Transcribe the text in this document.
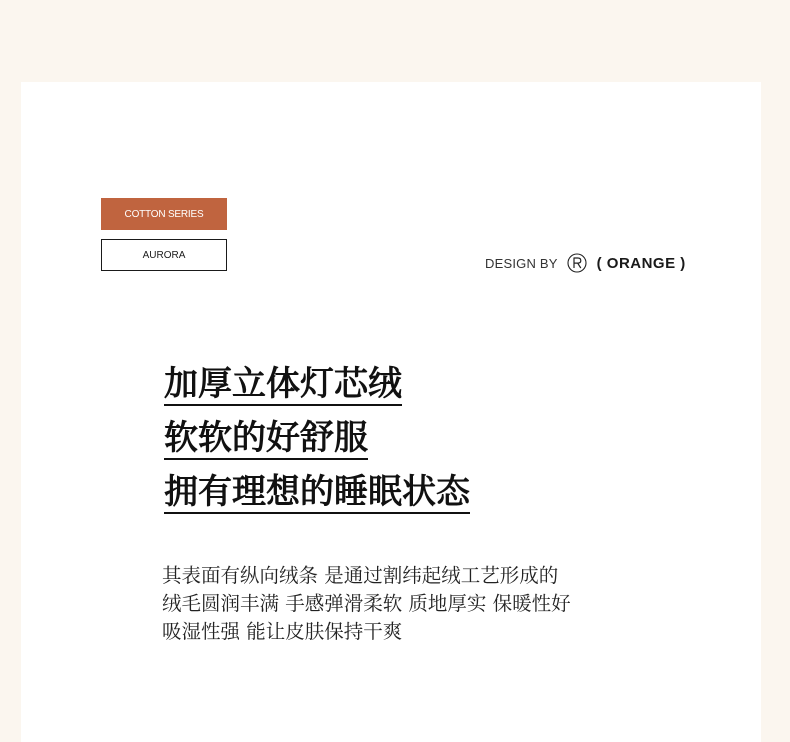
COTTON SERIES
AURORA
DESIGN BY	( ORANGE )
加厚立体灯芯绒
软软的好舒服
拥有理想的睡眠状态
其表面有纵向绒条 是通过割纬起绒工艺形成的
绒毛圆润丰满 手感弹滑柔软 质地厚实 保暖性好
吸湿性强 能让皮肤保持干爽
